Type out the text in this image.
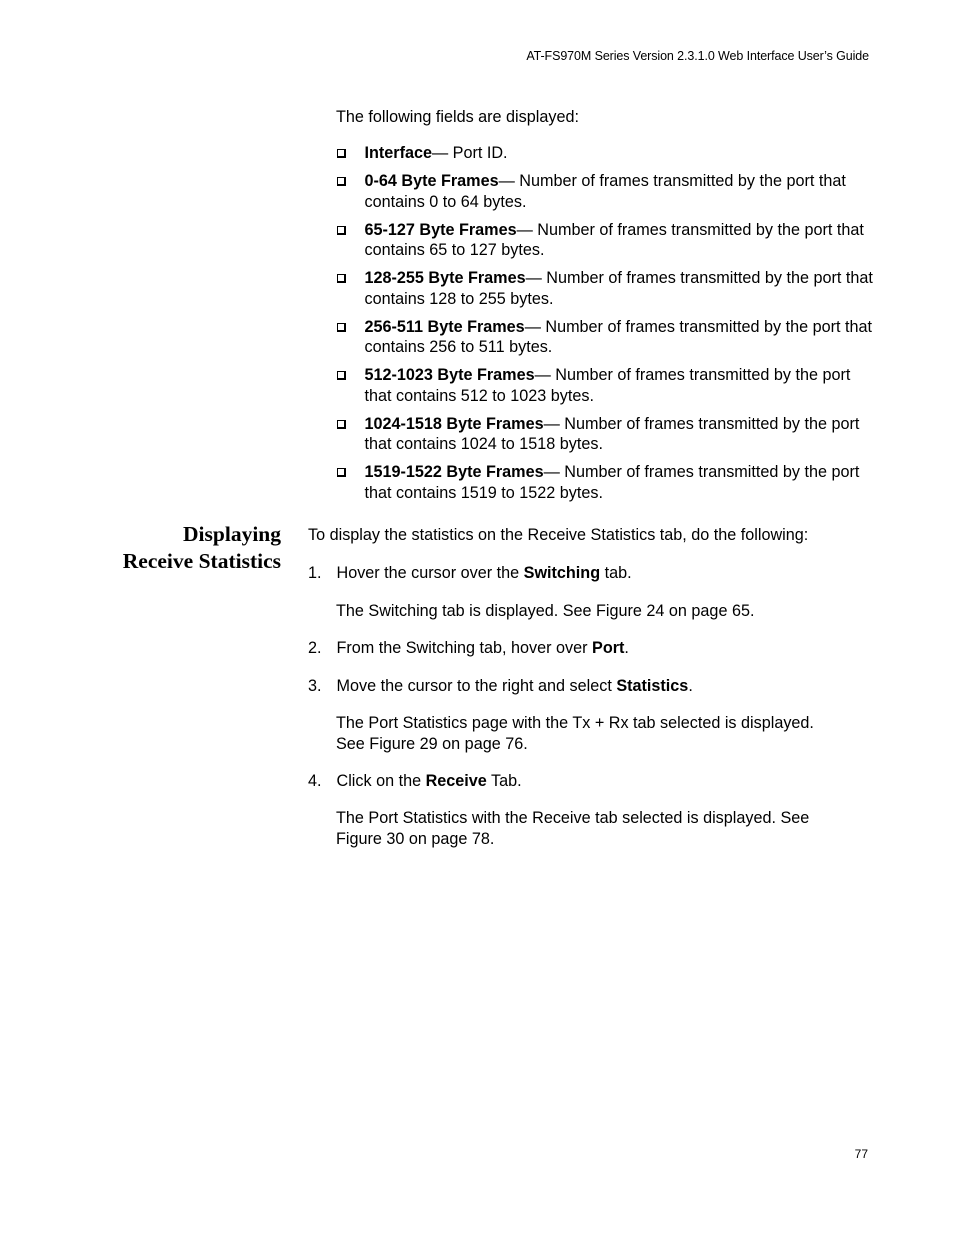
AT-FS970M Series Version 2.3.1.0 Web Interface User’s Guide
The following fields are displayed:
Interface— Port ID.
0-64 Byte Frames— Number of frames transmitted by the port that contains 0 to 64 bytes.
65-127 Byte Frames— Number of frames transmitted by the port that contains 65 to 127 bytes.
128-255 Byte Frames— Number of frames transmitted by the port that contains 128 to 255 bytes.
256-511 Byte Frames— Number of frames transmitted by the port that contains 256 to 511 bytes.
512-1023 Byte Frames— Number of frames transmitted by the port that contains 512 to 1023 bytes.
1024-1518 Byte Frames— Number of frames transmitted by the port that contains 1024 to 1518 bytes.
1519-1522 Byte Frames— Number of frames transmitted by the port that contains 1519 to 1522 bytes.
Displaying
Receive Statistics
To display the statistics on the Receive Statistics tab, do the following:
1. Hover the cursor over the Switching tab.
The Switching tab is displayed. See Figure 24 on page 65.
2. From the Switching tab, hover over Port.
3. Move the cursor to the right and select Statistics.
The Port Statistics page with the Tx + Rx tab selected is displayed.
See Figure 29 on page 76.
4. Click on the Receive Tab.
The Port Statistics with the Receive tab selected is displayed. See
Figure 30 on page 78.
77
